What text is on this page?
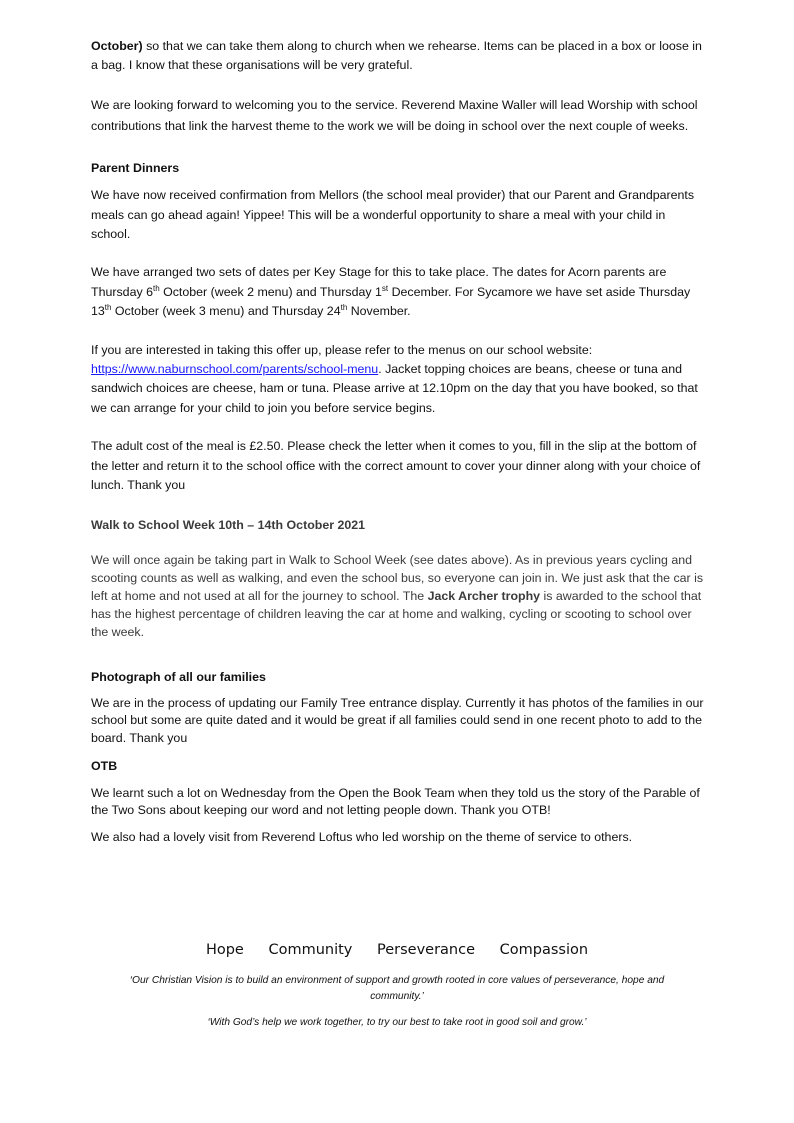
October) so that we can take them along to church when we rehearse. Items can be placed in a box or loose in a bag. I know that these organisations will be very grateful.

We are looking forward to welcoming you to the service. Reverend Maxine Waller will lead Worship with school contributions that link the harvest theme to the work we will be doing in school over the next couple of weeks.

Parent Dinners

We have now received confirmation from Mellors (the school meal provider) that our Parent and Grandparents meals can go ahead again! Yippee! This will be a wonderful opportunity to share a meal with your child in school.

We have arranged two sets of dates per Key Stage for this to take place. The dates for Acorn parents are Thursday 6th October (week 2 menu) and Thursday 1st December. For Sycamore we have set aside Thursday 13th October (week 3 menu) and Thursday 24th November.

If you are interested in taking this offer up, please refer to the menus on our school website: https://www.naburnschool.com/parents/school-menu. Jacket topping choices are beans, cheese or tuna and sandwich choices are cheese, ham or tuna. Please arrive at 12.10pm on the day that you have booked, so that we can arrange for your child to join you before service begins.

The adult cost of the meal is £2.50. Please check the letter when it comes to you, fill in the slip at the bottom of the letter and return it to the school office with the correct amount to cover your dinner along with your choice of lunch. Thank you

Walk to School Week 10th – 14th October 2021

We will once again be taking part in Walk to School Week (see dates above). As in previous years cycling and scooting counts as well as walking, and even the school bus, so everyone can join in. We just ask that the car is left at home and not used at all for the journey to school. The Jack Archer trophy is awarded to the school that has the highest percentage of children leaving the car at home and walking, cycling or scooting to school over the week.

Photograph of all our families

We are in the process of updating our Family Tree entrance display. Currently it has photos of the families in our school but some are quite dated and it would be great if all families could send in one recent photo to add to the board. Thank you

OTB

We learnt such a lot on Wednesday from the Open the Book Team when they told us the story of the Parable of the Two Sons about keeping our word and not letting people down. Thank you OTB!

We also had a lovely visit from Reverend Loftus who led worship on the theme of service to others.

Hope Community Perseverance Compassion

‘Our Christian Vision is to build an environment of support and growth rooted in core values of perseverance, hope and community.’

‘With God’s help we work together, to try our best to take root in good soil and grow.’
